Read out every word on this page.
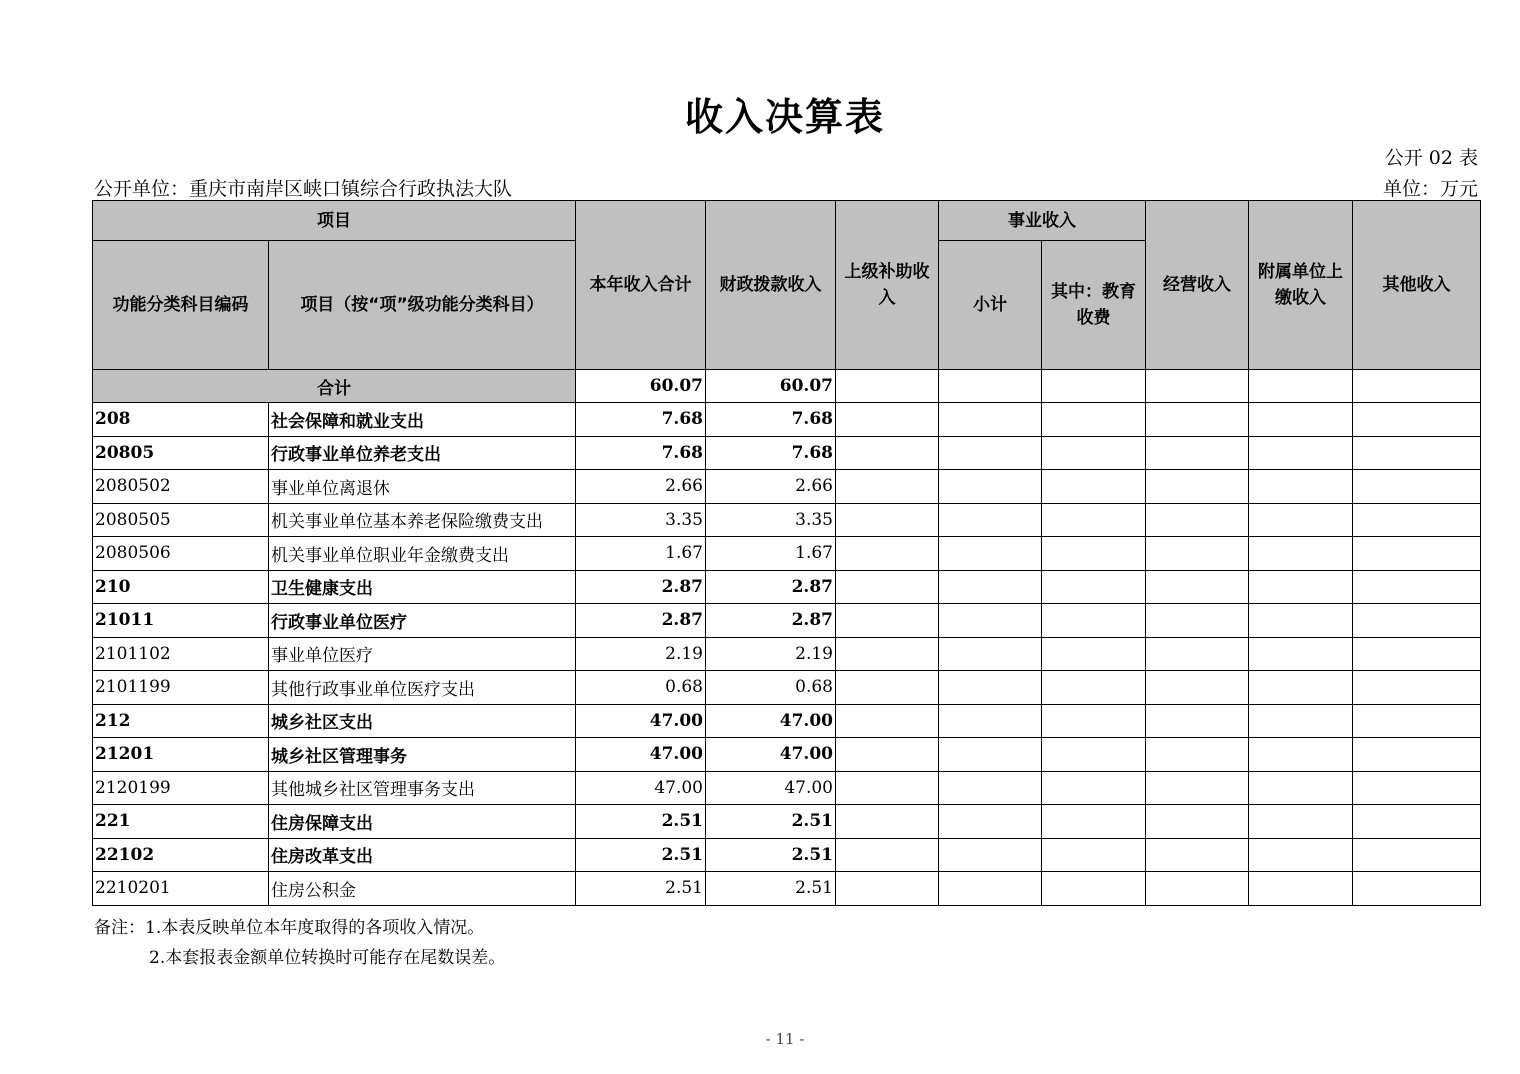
收入决算表
公开 02 表
公开单位：重庆市南岸区峡口镇综合行政执法大队	单位：万元
项目		本年收入合计	财政拨款收入	上级补助收入	事业收入		经营收入	附属单位上缴收入	其他收入
功能分类科目编码	项目（按“项”级功能分类科目）				小计	其中：教育收费			
合计		60.07	60.07						
208	社会保障和就业支出	7.68	7.68						
20805	行政事业单位养老支出	7.68	7.68						
2080502	事业单位离退休	2.66	2.66						
2080505	机关事业单位基本养老保险缴费支出	3.35	3.35						
2080506	机关事业单位职业年金缴费支出	1.67	1.67						
210	卫生健康支出	2.87	2.87						
21011	行政事业单位医疗	2.87	2.87						
2101102	事业单位医疗	2.19	2.19						
2101199	其他行政事业单位医疗支出	0.68	0.68						
212	城乡社区支出	47.00	47.00						
21201	城乡社区管理事务	47.00	47.00						
2120199	其他城乡社区管理事务支出	47.00	47.00						
221	住房保障支出	2.51	2.51						
22102	住房改革支出	2.51	2.51						
2210201	住房公积金	2.51	2.51						
备注：1.本表反映单位本年度取得的各项收入情况。
2.本套报表金额单位转换时可能存在尾数误差。
- 11 -
